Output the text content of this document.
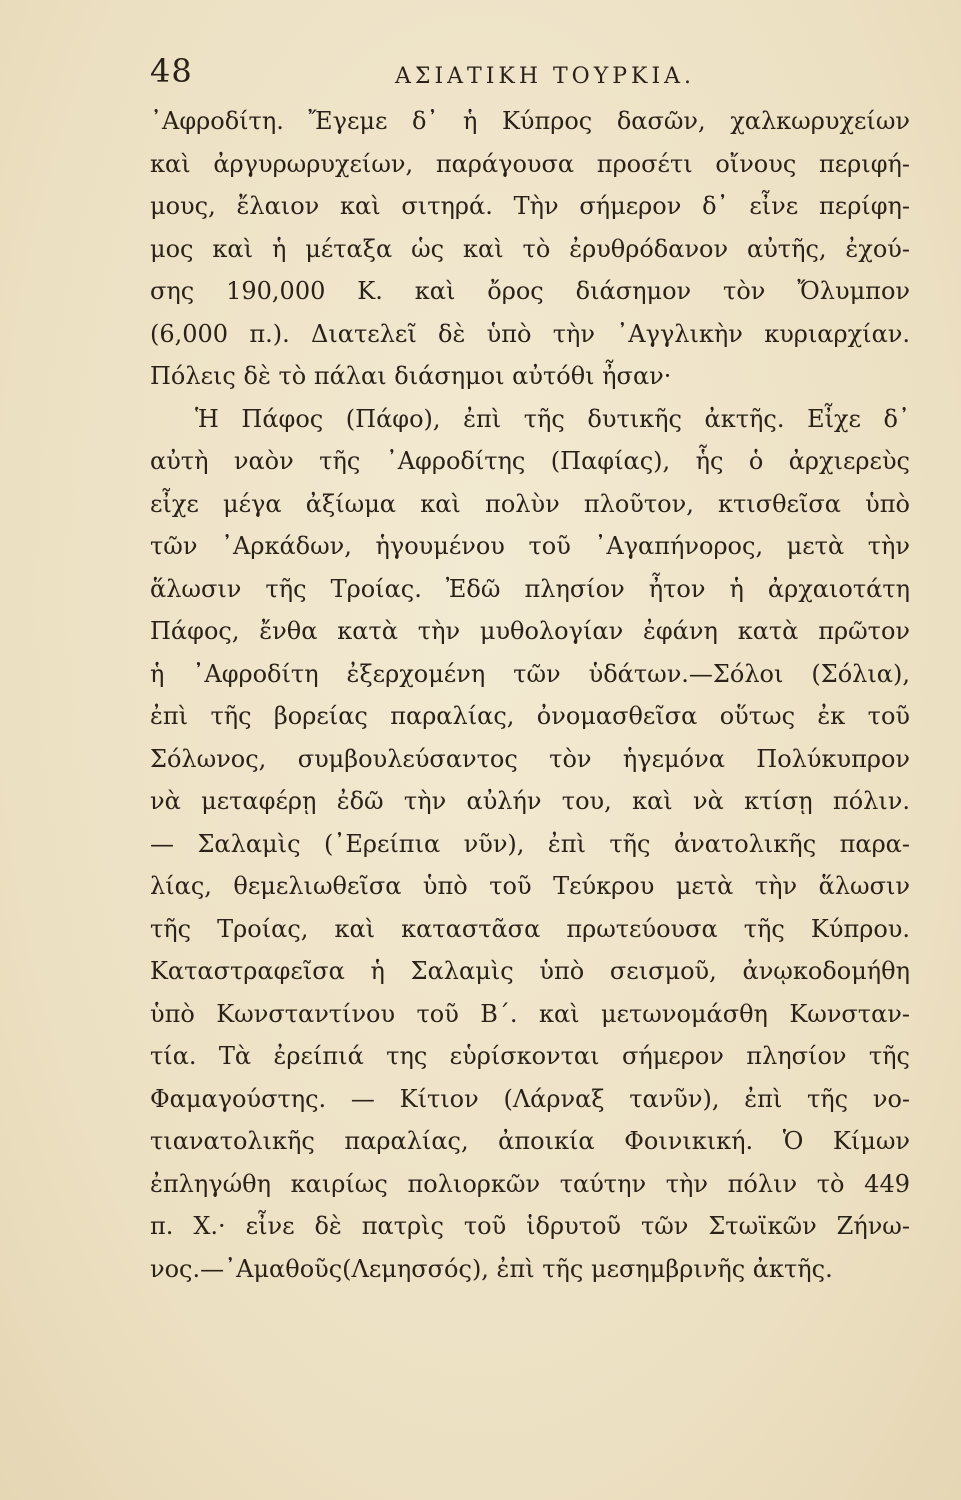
48	ΑΣΙΑΤΙΚΗ ΤΟΥΡΚΙΑ.
᾿Αφροδίτη. Ἔγεμε δ᾿ ἡ Κύπρος δασῶν, χαλκωρυχείων
καὶ ἀργυρωρυχείων, παράγουσα προσέτι οἴνους περιφή-
μους, ἔλαιον καὶ σιτηρά. Τὴν σήμερον δ᾿ εἶνε περίφη-
μος καὶ ἡ μέταξα ὡς καὶ τὸ ἐρυθρόδανον αὐτῆς, ἐχού-
σης 190,000 Κ. καὶ ὄρος διάσημον τὸν Ὄλυμπον
(6,000 π.). Διατελεῖ δὲ ὑπὸ τὴν ᾿Αγγλικὴν κυριαρχίαν.
Πόλεις δὲ τὸ πάλαι διάσημοι αὐτόθι ἦσαν·
Ἡ Πάφος (Πάφο), ἐπὶ τῆς δυτικῆς ἀκτῆς. Εἶχε δ᾿
αὐτὴ ναὸν τῆς ᾿Αφροδίτης (Παφίας), ἧς ὁ ἀρχιερεὺς
εἶχε μέγα ἀξίωμα καὶ πολὺν πλοῦτον, κτισθεῖσα ὑπὸ
τῶν ᾿Αρκάδων, ἡγουμένου τοῦ ᾿Αγαπήνορος, μετὰ τὴν
ἅλωσιν τῆς Τροίας. Ἐδῶ πλησίον ἦτον ἡ ἀρχαιοτάτη
Πάφος, ἔνθα κατὰ τὴν μυθολογίαν ἐφάνη κατὰ πρῶτον
ἡ ᾿Αφροδίτη ἐξερχομένη τῶν ὑδάτων.—Σόλοι (Σόλια),
ἐπὶ τῆς βορείας παραλίας, ὀνομασθεῖσα οὕτως ἐκ τοῦ
Σόλωνος, συμβουλεύσαντος τὸν ἡγεμόνα Πολύκυπρον
νὰ μεταφέρῃ ἐδῶ τὴν αὐλήν του, καὶ νὰ κτίσῃ πόλιν.
— Σαλαμὶς (᾿Ερείπια νῦν), ἐπὶ τῆς ἀνατολικῆς παρα-
λίας, θεμελιωθεῖσα ὑπὸ τοῦ Τεύκρου μετὰ τὴν ἅλωσιν
τῆς Τροίας, καὶ καταστᾶσα πρωτεύουσα τῆς Κύπρου.
Καταστραφεῖσα ἡ Σαλαμὶς ὑπὸ σεισμοῦ, ἀνῳκοδομήθη
ὑπὸ Κωνσταντίνου τοῦ Β΄. καὶ μετωνομάσθη Κωνσταν-
τία. Τὰ ἐρείπιά της εὑρίσκονται σήμερον πλησίον τῆς
Φαμαγούστης. — Κίτιον (Λάρναξ τανῦν), ἐπὶ τῆς νο-
τιανατολικῆς παραλίας, ἀποικία Φοινικική. Ὁ Κίμων
ἐπληγώθη καιρίως πολιορκῶν ταύτην τὴν πόλιν τὸ 449
π. Χ.· εἶνε δὲ πατρὶς τοῦ ἱδρυτοῦ τῶν Στωϊκῶν Ζήνω-
νος.—᾿Αμαθοῦς(Λεμησσός), ἐπὶ τῆς μεσημβρινῆς ἀκτῆς.
